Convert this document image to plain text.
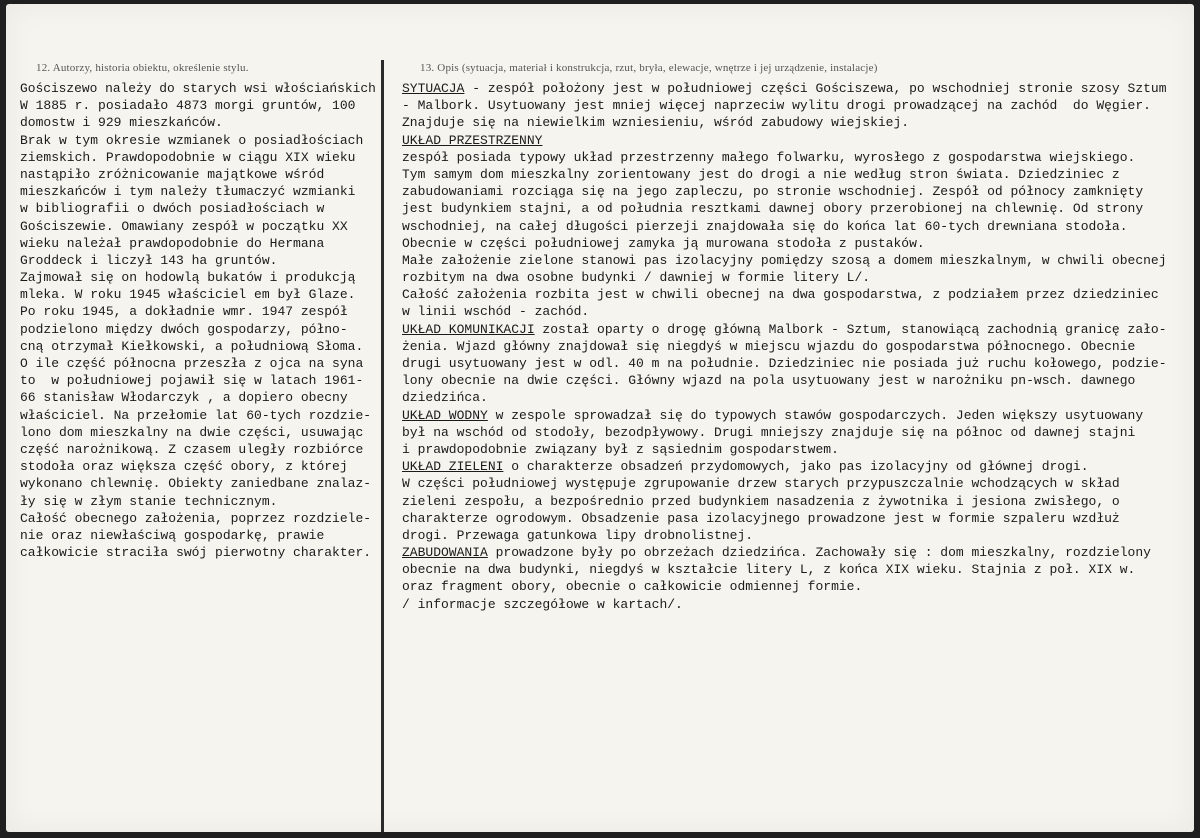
12. Autorzy, historia obiektu, określenie stylu.	13. Opis (sytuacja, materiał i konstrukcja, rzut, bryła, elewacje, wnętrze i jej urządzenie, instalacje)
Gościszewo należy do starych wsi włościańskich
W 1885 r. posiadało 4873 morgi gruntów, 100
domostw i 929 mieszkańców.
Brak w tym okresie wzmianek o posiadłościach
ziemskich. Prawdopodobnie w ciągu XIX wieku
nastąpiło zróżnicowanie majątkowe wśród
mieszkańców i tym należy tłumaczyć wzmianki
w bibliografii o dwóch posiadłościach w
Gościszewie. Omawiany zespół w początku XX
wieku należał prawdopodobnie do Hermana
Groddeck i liczył 143 ha gruntów.
Zajmował się on hodowlą bukatów i produkcją
mleka. W roku 1945 właściciel em był Glaze.
Po roku 1945, a dokładnie wmr. 1947 zespół
podzielono między dwóch gospodarzy, półno-
cną otrzymał Kiełkowski, a południową Słoma.
O ile część północna przeszła z ojca na syna
to  w południowej pojawił się w latach 1961-
66 stanisław Włodarczyk , a dopiero obecny
właściciel. Na przełomie lat 60-tych rozdzie-
lono dom mieszkalny na dwie części, usuwając
część narożnikową. Z czasem uległy rozbiórce
stodoła oraz większa część obory, z której
wykonano chlewnię. Obiekty zaniedbane znalaz-
ły się w złym stanie technicznym.
Całość obecnego założenia, poprzez rozdziele-
nie oraz niewłaściwą gospodarkę, prawie
całkowicie straciła swój pierwotny charakter.
SYTUACJA - zespół położony jest w południowej części Gościszewa, po wschodniej stronie szosy Sztum
- Malbork. Usytuowany jest mniej więcej naprzeciw wylitu drogi prowadzącej na zachód  do Węgier.
Znajduje się na niewielkim wzniesieniu, wśród zabudowy wiejskiej.
UKŁAD PRZESTRZENNY
zespół posiada typowy układ przestrzenny małego folwarku, wyrosłego z gospodarstwa wiejskiego.
Tym samym dom mieszkalny zorientowany jest do drogi a nie według stron świata. Dziedziniec z
zabudowaniami rozciąga się na jego zapleczu, po stronie wschodniej. Zespół od północy zamknięty
jest budynkiem stajni, a od południa resztkami dawnej obory przerobionej na chlewnię. Od strony
wschodniej, na całej długości pierzeji znajdowała się do końca lat 60-tych drewniana stodoła.
Obecnie w części południowej zamyka ją murowana stodoła z pustaków.
Małe założenie zielone stanowi pas izolacyjny pomiędzy szosą a domem mieszkalnym, w chwili obecnej
rozbitym na dwa osobne budynki / dawniej w formie litery L/.
Całość założenia rozbita jest w chwili obecnej na dwa gospodarstwa, z podziałem przez dziedziniec
w linii wschód - zachód.
UKŁAD KOMUNIKACJI został oparty o drogę główną Malbork - Sztum, stanowiącą zachodnią granicę zało-
żenia. Wjazd główny znajdował się niegdyś w miejscu wjazdu do gospodarstwa północnego. Obecnie
drugi usytuowany jest w odl. 40 m na południe. Dziedziniec nie posiada już ruchu kołowego, podzie-
lony obecnie na dwie części. Główny wjazd na pola usytuowany jest w narożniku pn-wsch. dawnego
dziedzińca.
UKŁAD WODNY w zespole sprowadzał się do typowych stawów gospodarczych. Jeden większy usytuowany
był na wschód od stodoły, bezodpływowy. Drugi mniejszy znajduje się na północ od dawnej stajni
i prawdopodobnie związany był z sąsiednim gospodarstwem.
UKŁAD ZIELENI o charakterze obsadzeń przydomowych, jako pas izolacyjny od głównej drogi.
W części południowej występuje zgrupowanie drzew starych przypuszczalnie wchodzących w skład
zieleni zespołu, a bezpośrednio przed budynkiem nasadzenia z żywotnika i jesiona zwisłego, o
charakterze ogrodowym. Obsadzenie pasa izolacyjnego prowadzone jest w formie szpaleru wzdłuż
drogi. Przewaga gatunkowa lipy drobnolistnej.
ZABUDOWANIA prowadzone były po obrzeżach dziedzińca. Zachowały się : dom mieszkalny, rozdzielony
obecnie na dwa budynki, niegdyś w kształcie litery L, z końca XIX wieku. Stajnia z poł. XIX w.
oraz fragment obory, obecnie o całkowicie odmiennej formie.
/ informacje szczegółowe w kartach/.
